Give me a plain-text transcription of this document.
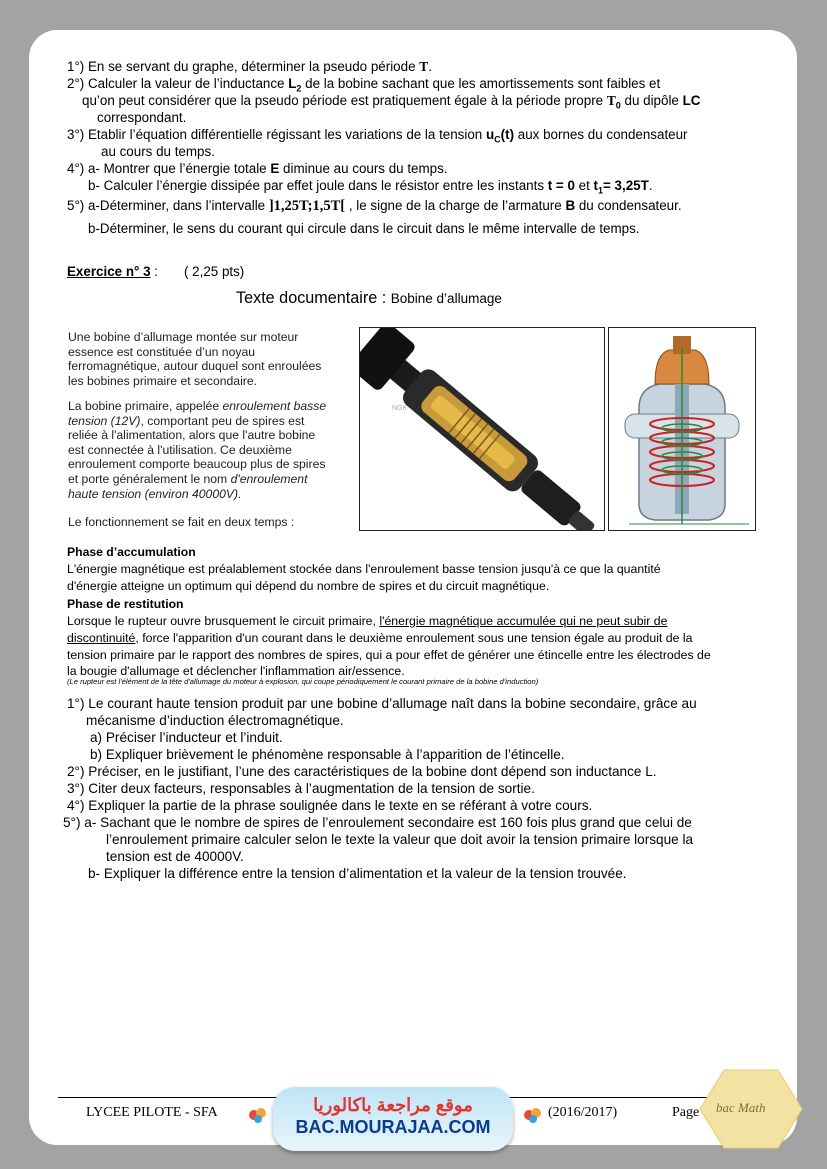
1°) En se servant du graphe, déterminer la pseudo période T.
2°) Calculer la valeur de l’inductance $L_2$ de la bobine sachant que les amortissements sont faibles et
qu’on peut considérer que la pseudo période est pratiquement égale à la période propre $T_0$ du dipôle LC
correspondant.
3°) Etablir l’équation différentielle régissant les variations de la tension $u_C(t)$ aux bornes du condensateur
au cours du temps.
4°) a- Montrer que l’énergie totale E diminue au cours du temps.
b- Calculer l’énergie dissipée par effet joule dans le résistor entre les instants t = 0 et $t_1= 3,25T$.
5°) a-Déterminer, dans l’intervalle ]1,25T;1,5T[ , le signe de la charge de l’armature B du condensateur.
b-Déterminer, le sens du courant qui circule dans le circuit dans le même intervalle de temps.
Exercice n° 3 : ( 2,25 pts)
Texte documentaire : Bobine d’allumage
Une bobine d’allumage montée sur moteur
essence est constituée d’un noyau
ferromagnétique, autour duquel sont enroulées
les bobines primaire et secondaire.
La bobine primaire, appelée enroulement basse
tension (12V), comportant peu de spires est
reliée à l'alimentation, alors que l'autre bobine
est connectée à l'utilisation. Ce deuxième
enroulement comporte beaucoup plus de spires
et porte généralement le nom d'enroulement
haute tension (environ 40000V).
Le fonctionnement se fait en deux temps :
NGK
Phase d’accumulation
L'énergie magnétique est préalablement stockée dans l'enroulement basse tension jusqu'à ce que la quantité
d'énergie atteigne un optimum qui dépend du nombre de spires et du circuit magnétique.
Phase de restitution
Lorsque le rupteur ouvre brusquement le circuit primaire, l'énergie magnétique accumulée qui ne peut subir de
discontinuité, force l'apparition d'un courant dans le deuxième enroulement sous une tension égale au produit de la
tension primaire par le rapport des nombres de spires, qui a pour effet de générer une étincelle entre les électrodes de
la bougie d'allumage et déclencher l'inflammation air/essence.
(Le rupteur est l'élément de la tête d'allumage du moteur à explosion, qui coupe périodiquement le courant primaire de la bobine d'induction)
1°) Le courant haute tension produit par une bobine d’allumage naît dans la bobine secondaire, grâce au
mécanisme d’induction électromagnétique.
a) Préciser l’inducteur et l’induit.
b) Expliquer brièvement le phénomène responsable à l’apparition de l’étincelle.
2°) Préciser, en le justifiant, l’une des caractéristiques de la bobine dont dépend son inductance L.
3°) Citer deux facteurs, responsables à l’augmentation de la tension de sortie.
4°) Expliquer la partie de la phrase soulignée dans le texte en se référant à votre cours.
5°) a- Sachant que le nombre de spires de l’enroulement secondaire est 160 fois plus grand que celui de
l’enroulement primaire calculer selon le texte la valeur que doit avoir la tension primaire lorsque la
tension est de 40000V.
b- Expliquer la différence entre la tension d’alimentation et la valeur de la tension trouvée.
LYCEE PILOTE - SFA	(2016/2017)	Page
موقع مراجعة باكالوريا
BAC.MOURAJAA.COM
bac Math
